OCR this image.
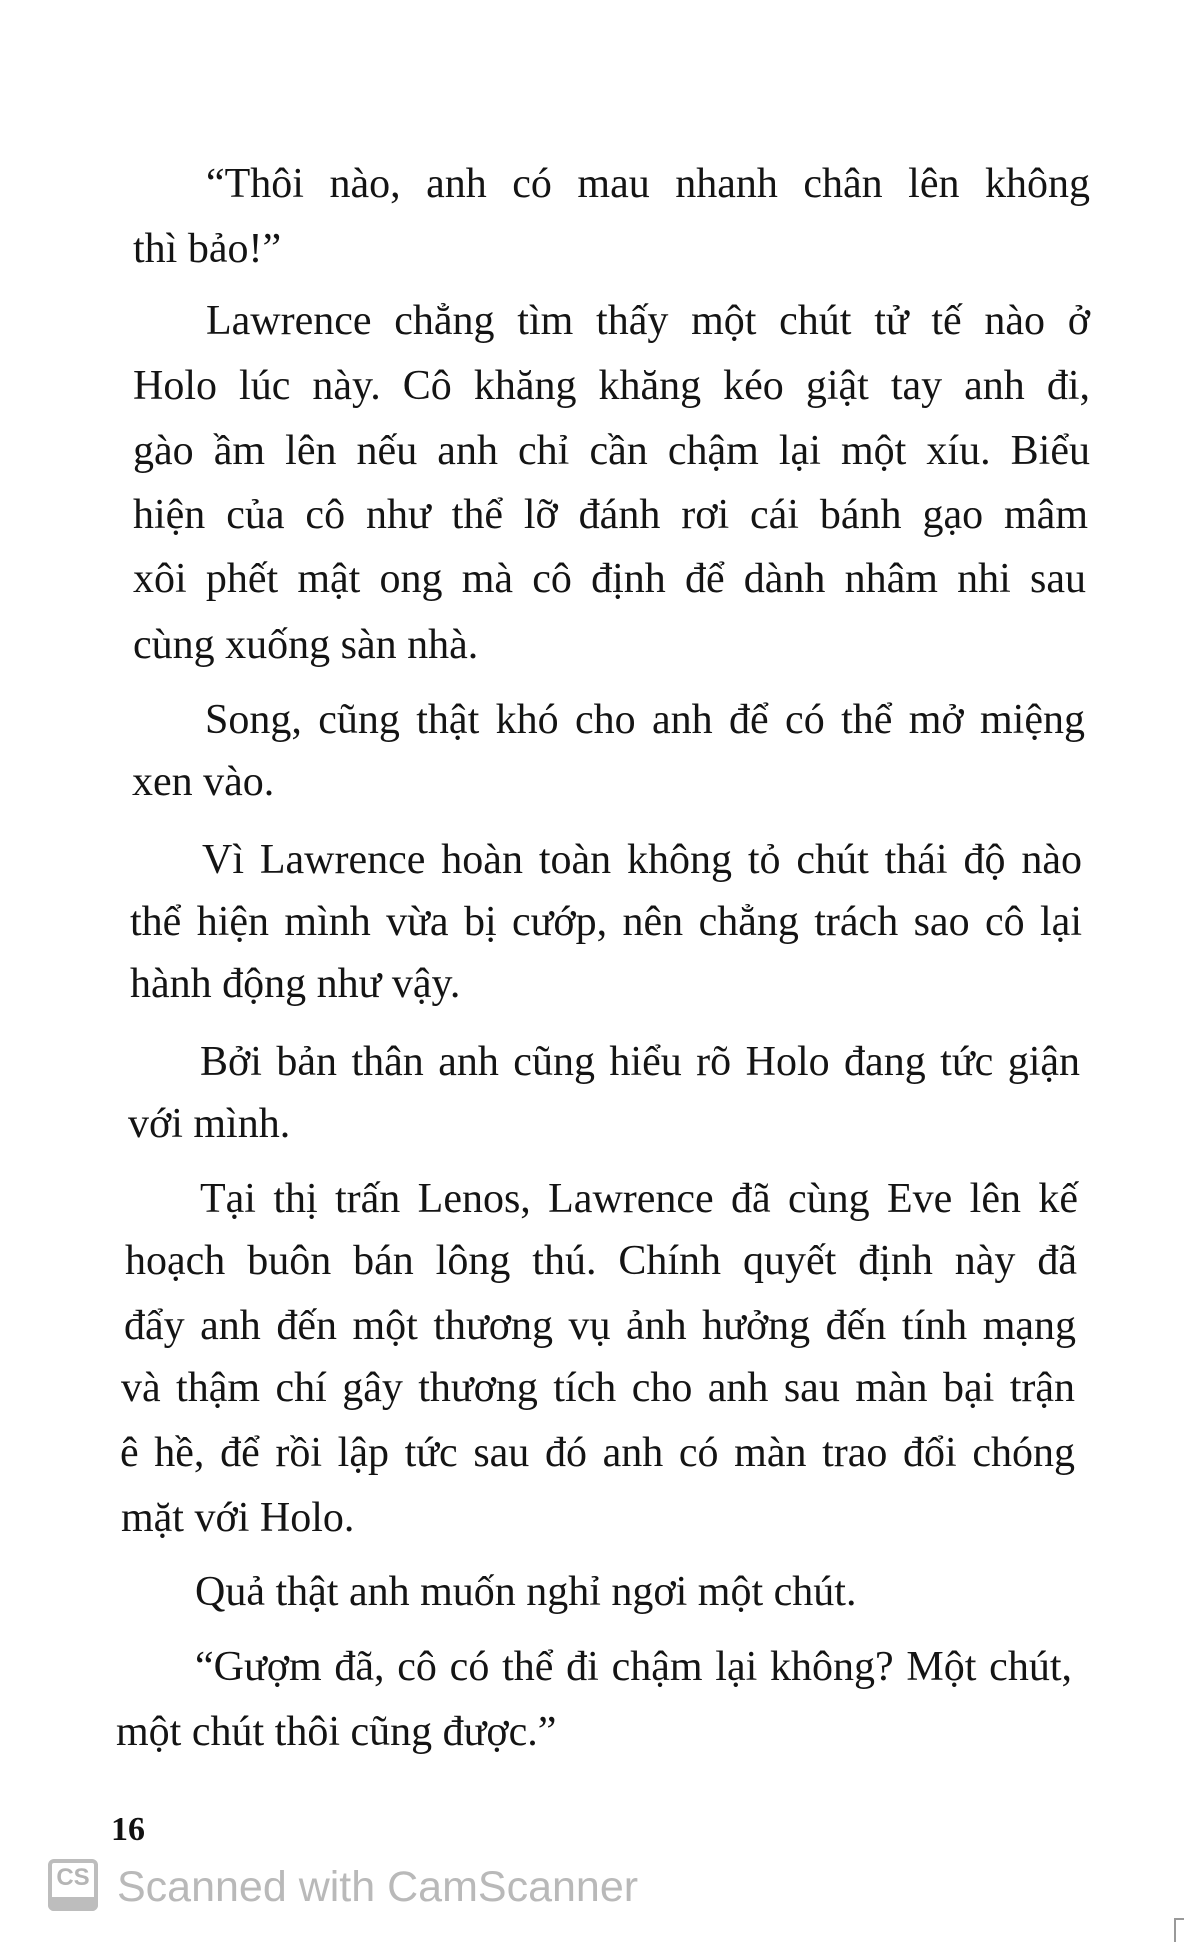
“Thôi nào, anh có mau nhanh chân lên không
thì bảo!”
Lawrence chẳng tìm thấy một chút tử tế nào ở
Holo lúc này. Cô khăng khăng kéo giật tay anh đi,
gào ầm lên nếu anh chỉ cần chậm lại một xíu. Biểu
hiện của cô như thể lỡ đánh rơi cái bánh gạo mâm
xôi phết mật ong mà cô định để dành nhâm nhi sau
cùng xuống sàn nhà.
Song, cũng thật khó cho anh để có thể mở miệng
xen vào.
Vì Lawrence hoàn toàn không tỏ chút thái độ nào
thể hiện mình vừa bị cướp, nên chẳng trách sao cô lại
hành động như vậy.
Bởi bản thân anh cũng hiểu rõ Holo đang tức giận
với mình.
Tại thị trấn Lenos, Lawrence đã cùng Eve lên kế
hoạch buôn bán lông thú. Chính quyết định này đã
đẩy anh đến một thương vụ ảnh hưởng đến tính mạng
và thậm chí gây thương tích cho anh sau màn bại trận
ê hề, để rồi lập tức sau đó anh có màn trao đổi chóng
mặt với Holo.
Quả thật anh muốn nghỉ ngơi một chút.
“Gượm đã, cô có thể đi chậm lại không? Một chút,
một chút thôi cũng được.”
16
CS Scanned with CamScanner
